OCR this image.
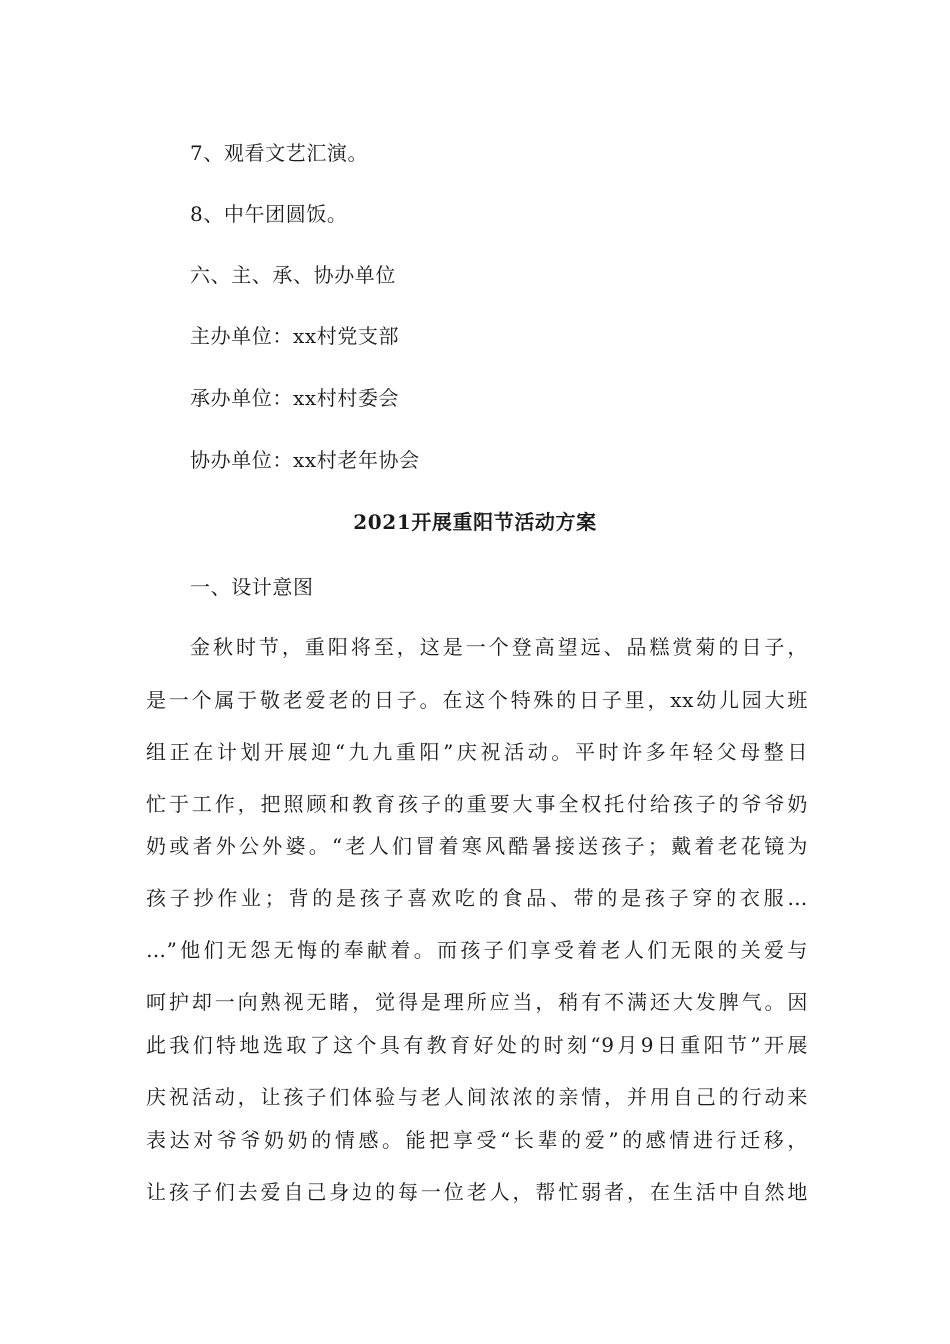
7、观看文艺汇演。
8、中午团圆饭。
六、主、承、协办单位
主办单位：xx村党支部
承办单位：xx村村委会
协办单位：xx村老年协会
2021开展重阳节活动方案
一、设计意图
金秋时节，重阳将至，这是一个登高望远、品糕赏菊的日子，
是一个属于敬老爱老的日子。在这个特殊的日子里，xx幼儿园大班
组正在计划开展迎“九九重阳”庆祝活动。平时许多年轻父母整日
忙于工作，把照顾和教育孩子的重要大事全权托付给孩子的爷爷奶
奶或者外公外婆。“老人们冒着寒风酷暑接送孩子；戴着老花镜为
孩子抄作业；背的是孩子喜欢吃的食品、带的是孩子穿的衣服…
…”他们无怨无悔的奉献着。而孩子们享受着老人们无限的关爱与
呵护却一向熟视无睹，觉得是理所应当，稍有不满还大发脾气。因
此我们特地选取了这个具有教育好处的时刻“9月9日重阳节”开展
庆祝活动，让孩子们体验与老人间浓浓的亲情，并用自己的行动来
表达对爷爷奶奶的情感。能把享受“长辈的爱”的感情进行迁移，
让孩子们去爱自己身边的每一位老人，帮忙弱者，在生活中自然地
